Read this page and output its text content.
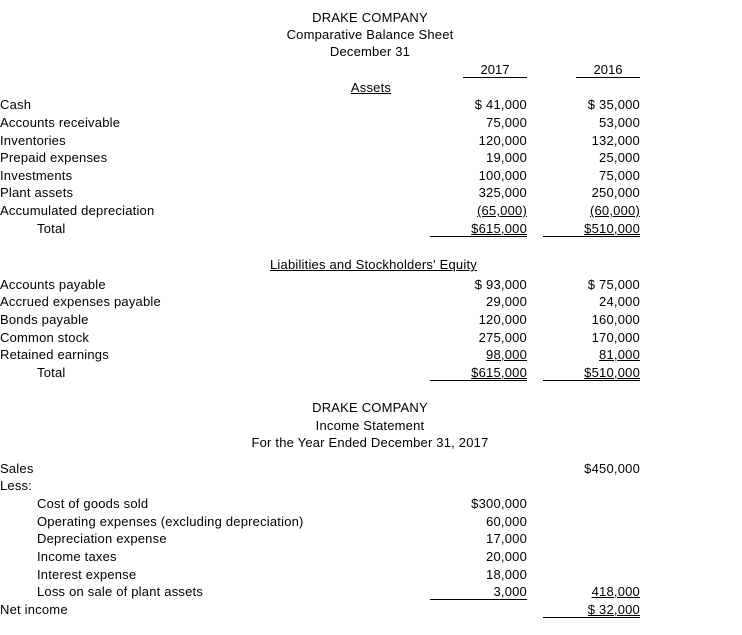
DRAKE COMPANY
Comparative Balance Sheet
December 31
2017	2016
Assets
Cash	$ 41,000	$ 35,000
Accounts receivable	75,000	53,000
Inventories	120,000	132,000
Prepaid expenses	19,000	25,000
Investments	100,000	75,000
Plant assets	325,000	250,000
Accumulated depreciation	(65,000)	(60,000)
Total	$615,000	$510,000
Liabilities and Stockholders' Equity
Accounts payable	$ 93,000	$ 75,000
Accrued expenses payable	29,000	24,000
Bonds payable	120,000	160,000
Common stock	275,000	170,000
Retained earnings	98,000	81,000
Total	$615,000	$510,000
DRAKE COMPANY
Income Statement
For the Year Ended December 31, 2017
Sales	$450,000
Less:
Cost of goods sold	$300,000
Operating expenses (excluding depreciation)	60,000
Depreciation expense	17,000
Income taxes	20,000
Interest expense	18,000
Loss on sale of plant assets	3,000	418,000
Net income	$ 32,000
